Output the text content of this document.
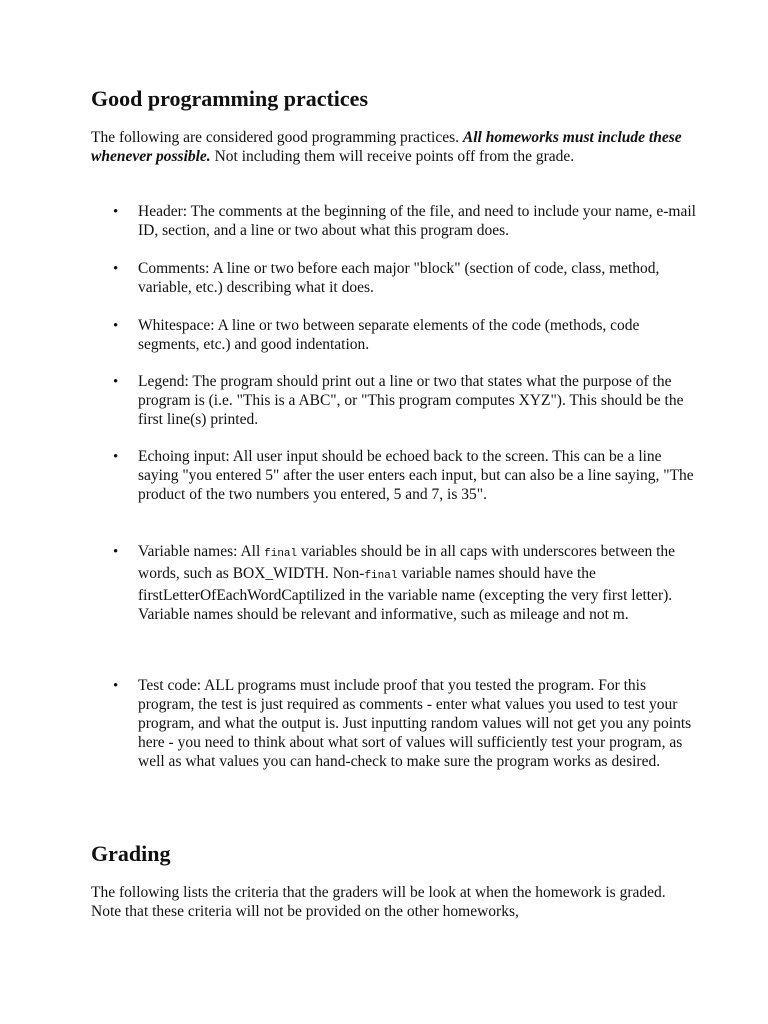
Good programming practices

The following are considered good programming practices. All homeworks must include these whenever possible. Not including them will receive points off from the grade.

• Header: The comments at the beginning of the file, and need to include your name, e-mail ID, section, and a line or two about what this program does.

• Comments: A line or two before each major "block" (section of code, class, method, variable, etc.) describing what it does.

• Whitespace: A line or two between separate elements of the code (methods, code segments, etc.) and good indentation.

• Legend: The program should print out a line or two that states what the purpose of the program is (i.e. "This is a ABC", or "This program computes XYZ"). This should be the first line(s) printed.

• Echoing input: All user input should be echoed back to the screen. This can be a line saying "you entered 5" after the user enters each input, but can also be a line saying, "The product of the two numbers you entered, 5 and 7, is 35".

• Variable names: All final variables should be in all caps with underscores between the words, such as BOX_WIDTH. Non-final variable names should have the firstLetterOfEachWordCaptilized in the variable name (excepting the very first letter). Variable names should be relevant and informative, such as mileage and not m.

• Test code: ALL programs must include proof that you tested the program. For this program, the test is just required as comments - enter what values you used to test your program, and what the output is. Just inputting random values will not get you any points here - you need to think about what sort of values will sufficiently test your program, as well as what values you can hand-check to make sure the program works as desired.

Grading

The following lists the criteria that the graders will be look at when the homework is graded. Note that these criteria will not be provided on the other homeworks,
